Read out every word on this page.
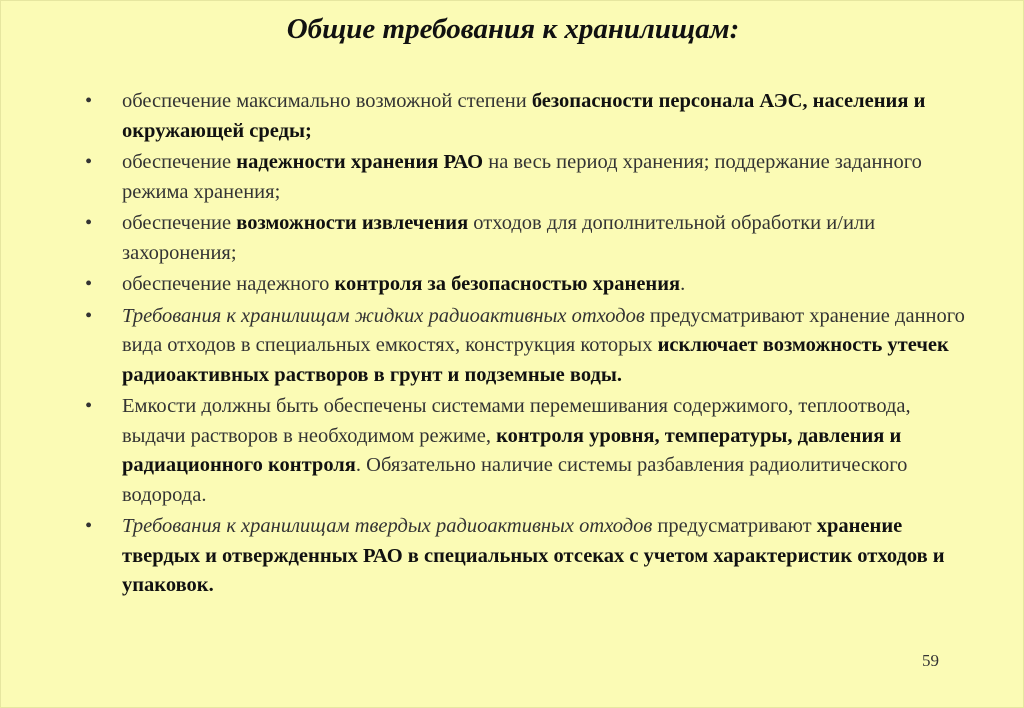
Общие требования к хранилищам:
• обеспечение максимально возможной степени безопасности персонала АЭС, населения и окружающей среды;
• обеспечение надежности хранения РАО на весь период хранения; поддержание заданного режима хранения;
• обеспечение возможности извлечения отходов для дополнительной обработки и/или захоронения;
• обеспечение надежного контроля за безопасностью хранения.
• Требования к хранилищам жидких радиоактивных отходов предусматривают хранение данного вида отходов в специальных емкостях, конструкция которых исключает возможность утечек радиоактивных растворов в грунт и подземные воды.
• Емкости должны быть обеспечены системами перемешивания содержимого, теплоотвода, выдачи растворов в необходимом режиме, контроля уровня, температуры, давления и радиационного контроля. Обязательно наличие системы разбавления радиолитического водорода.
• Требования к хранилищам твердых радиоактивных отходов предусматривают хранение твердых и отвержденных РАО в специальных отсеках с учетом характеристик отходов и упаковок.
59
